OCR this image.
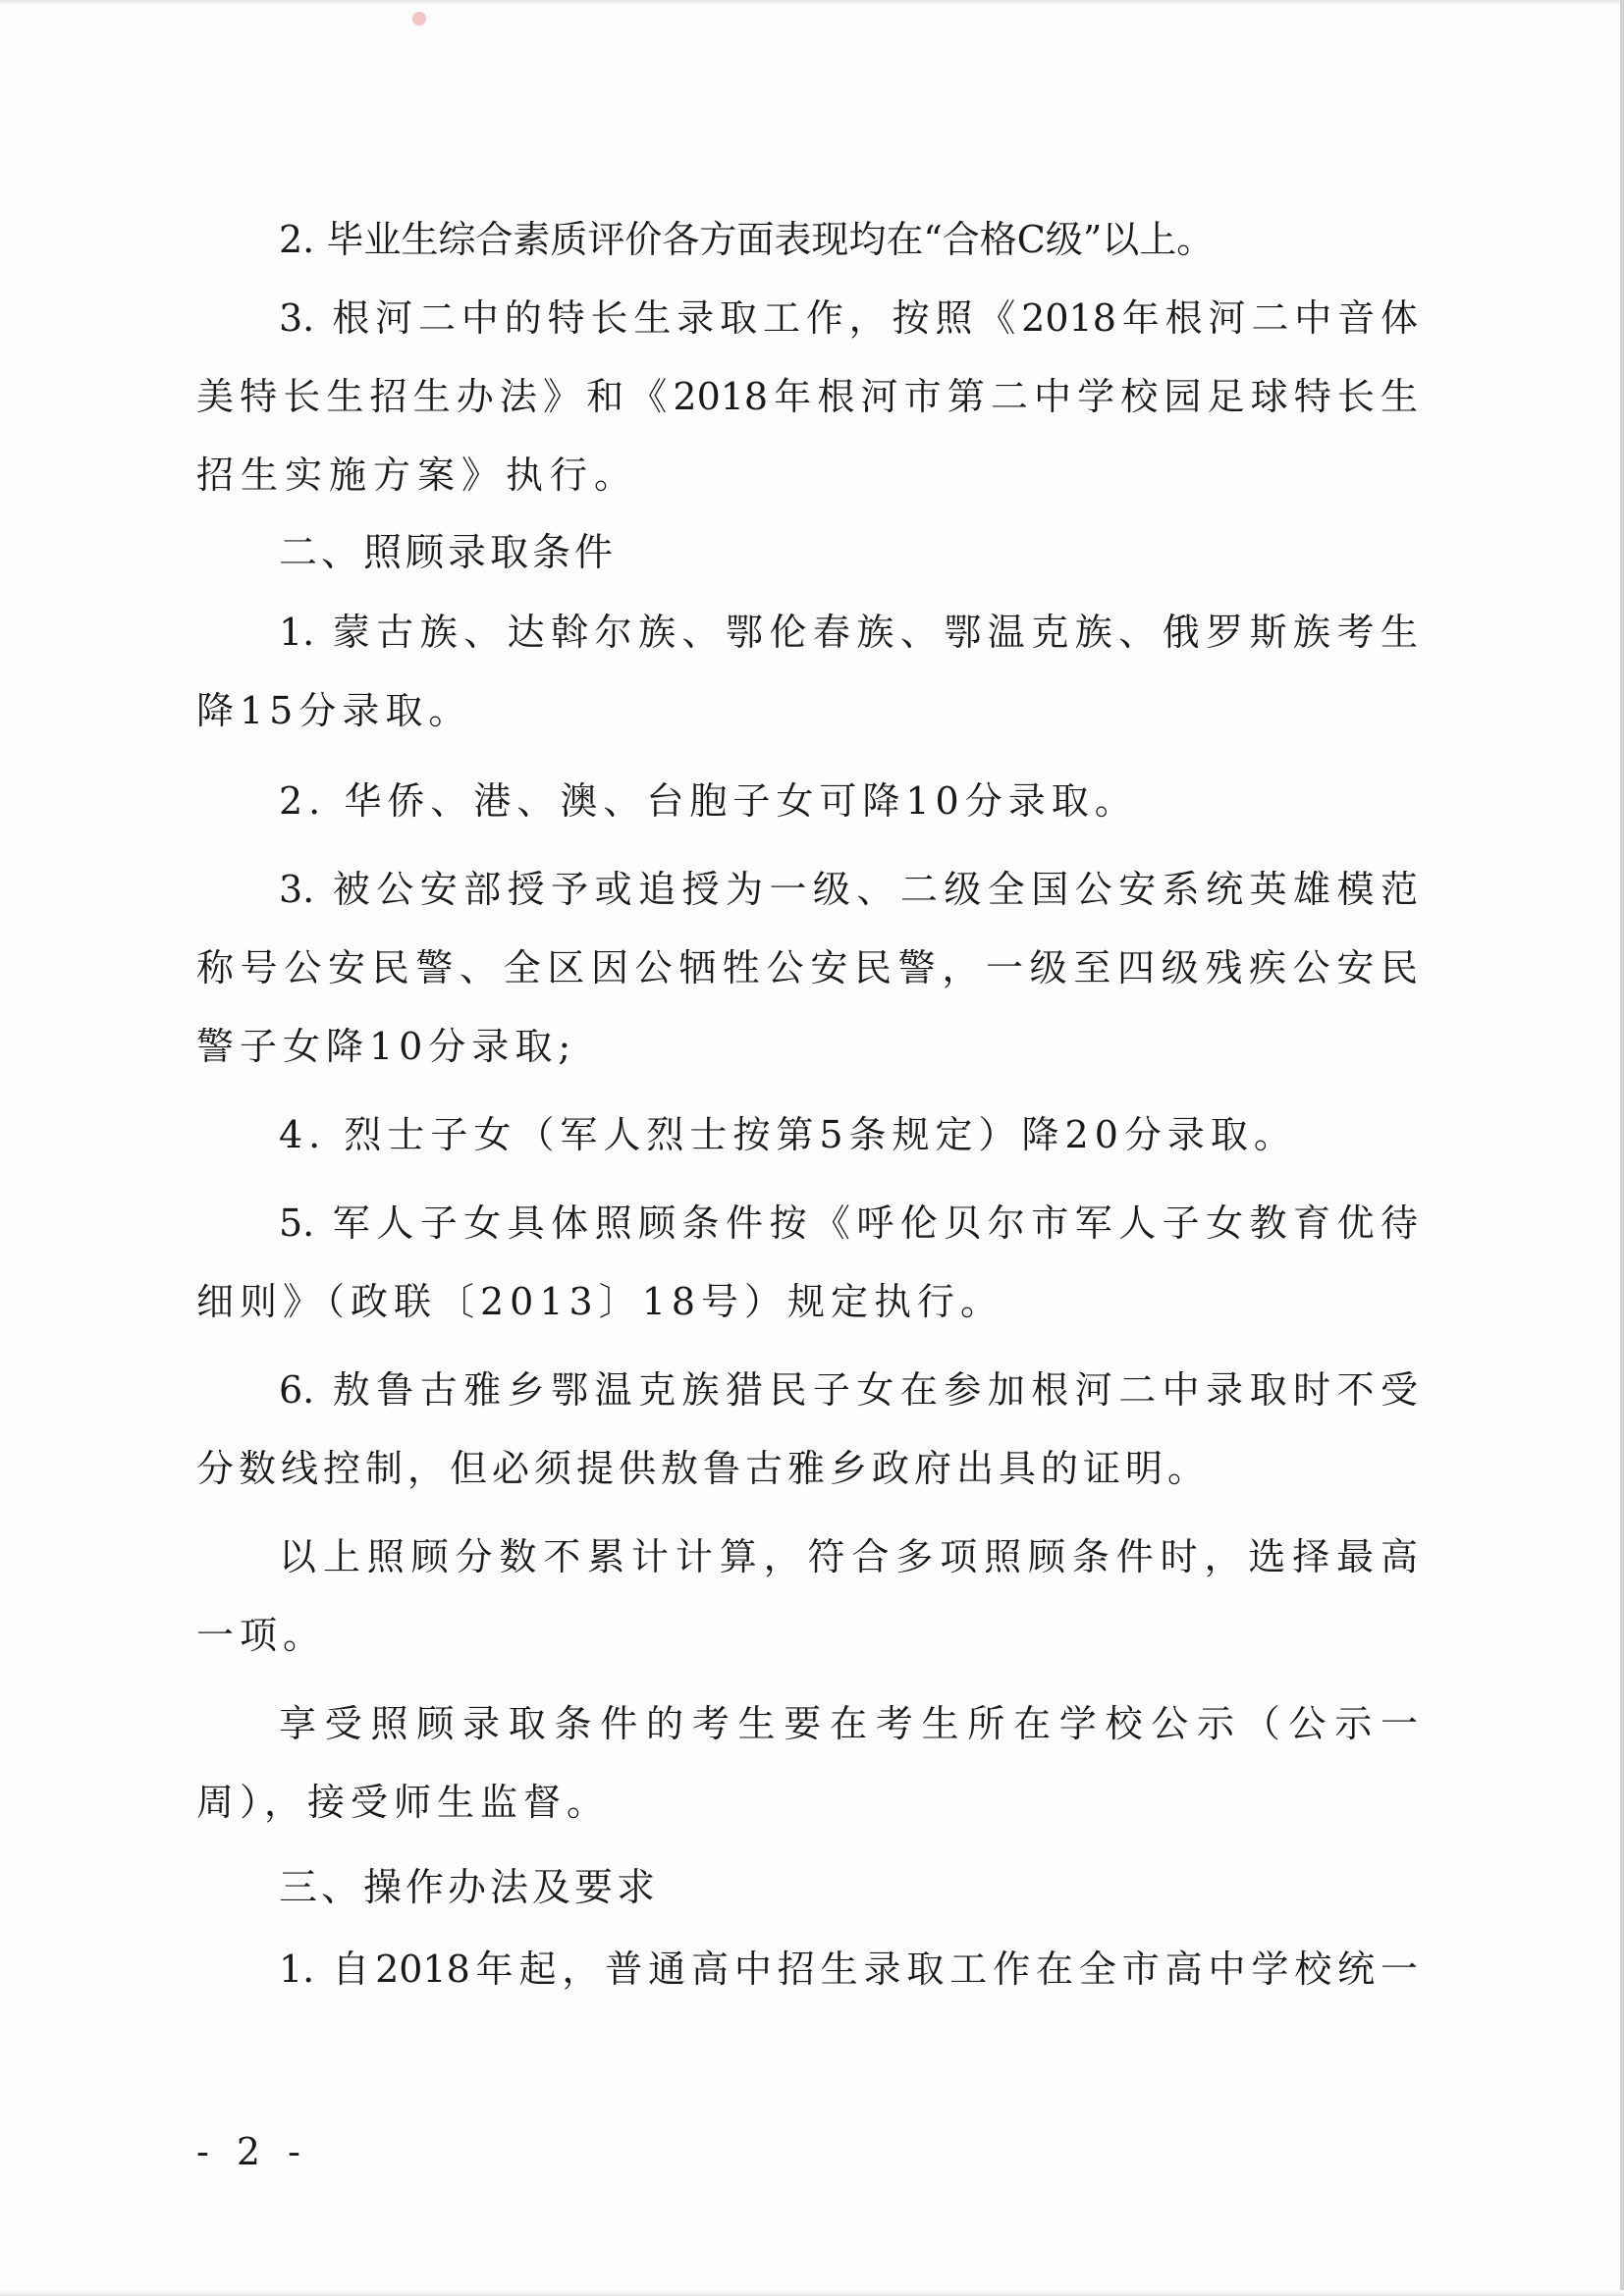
2. 毕业生综合素质评价各方面表现均在“合格C级”以上。
3. 根河二中的特长生录取工作，按照《2018年根河二中音体
美特长生招生办法》和《2018年根河市第二中学校园足球特长生
招生实施方案》执行。
二、照顾录取条件
1. 蒙古族、达斡尔族、鄂伦春族、鄂温克族、俄罗斯族考生
降15分录取。
2. 华侨、港、澳、台胞子女可降10分录取。
3. 被公安部授予或追授为一级、二级全国公安系统英雄模范
称号公安民警、全区因公牺牲公安民警，一级至四级残疾公安民
警子女降10分录取;
4. 烈士子女（军人烈士按第5条规定）降20分录取。
5. 军人子女具体照顾条件按《呼伦贝尔市军人子女教育优待
细则》（政联〔2013〕18号）规定执行。
6. 敖鲁古雅乡鄂温克族猎民子女在参加根河二中录取时不受
分数线控制，但必须提供敖鲁古雅乡政府出具的证明。
以上照顾分数不累计计算，符合多项照顾条件时，选择最高
一项。
享受照顾录取条件的考生要在考生所在学校公示（公示一
周），接受师生监督。
三、操作办法及要求
1. 自2018年起，普通高中招生录取工作在全市高中学校统一
- 2 -
